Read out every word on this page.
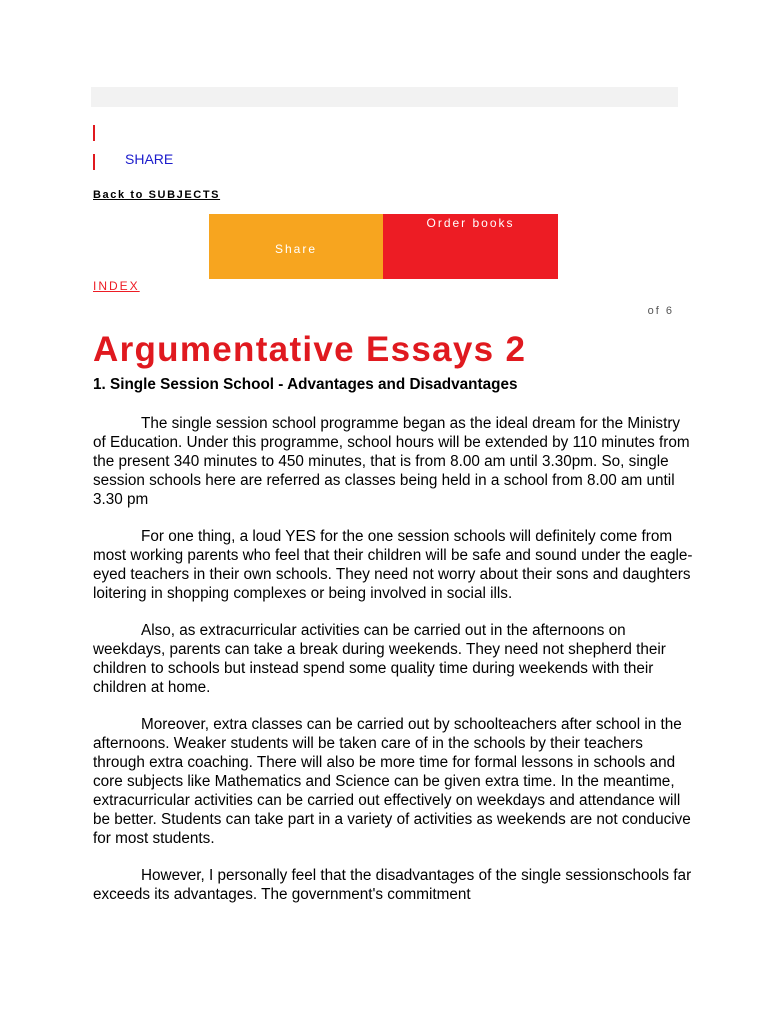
SHARE
Back to SUBJECTS
Share
Order books
INDEX
of 6
Argumentative Essays 2
1. Single Session School - Advantages and Disadvantages

The single session school programme began as the ideal dream for the Ministry of Education. Under this programme, school hours will be extended by 110 minutes from the present 340 minutes to 450 minutes, that is from 8.00 am until 3.30pm. So, single session schools here are referred as classes being held in a school from 8.00 am until 3.30 pm

For one thing, a loud YES for the one session schools will definitely come from most working parents who feel that their children will be safe and sound under the eagle-eyed teachers in their own schools. They need not worry about their sons and daughters loitering in shopping complexes or being involved in social ills.

Also, as extracurricular activities can be carried out in the afternoons on weekdays, parents can take a break during weekends. They need not shepherd their children to schools but instead spend some quality time during weekends with their children at home.

Moreover, extra classes can be carried out by schoolteachers after school in the afternoons. Weaker students will be taken care of in the schools by their teachers through extra coaching. There will also be more time for formal lessons in schools and core subjects like Mathematics and Science can be given extra time. In the meantime, extracurricular activities can be carried out effectively on weekdays and attendance will be better. Students can take part in a variety of activities as weekends are not conducive for most students.

However, I personally feel that the disadvantages of the single sessionschools far exceeds its advantages. The government's commitment
